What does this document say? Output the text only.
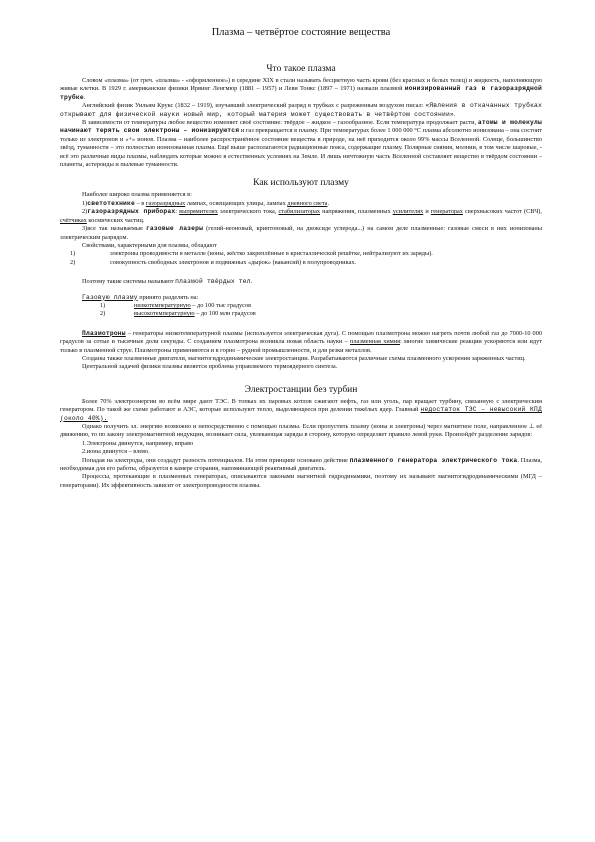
Плазма – четвёртое состояние вещества
Что такое плазма

Словом «плазма» (от греч. «плазма» - «оформленное») в середине XIX в стали называть бесцветную часть крови (без красных и белых телец) и жидкость, наполняющую живые клетки. В 1929 г. американские физики Ирвинг Ленгмюр (1881 – 1957) и Леви Тонкс (1897 – 1971) назвали плазмой ионизированный газ в газоразрядной трубке.

Английский физик Уильям Крукс (1832 – 1919), изучавший электрический разряд в трубках с разреженным воздухом писал: «Явления в откачанных трубках открывают для физической науки новый мир, который материя может существовать в четвёртом состоянии».

В зависимости от температуры любое вещество изменяет своё состояние: твёрдое – жидкое – газообразное. Если температура продолжает расти, атомы и молекулы начинают терять свои электроны – ионизируются и газ превращается в плазму. При температурах более 1 000 000 °С плазма абсолютно ионизована – она состоит только из электронов и «+» ионов. Плазма – наиболее распространённое состояние вещества в природе, на неё приходится около 99% массы Вселенной. Солнце, большинство звёзд, туманности – это полностью ионизованная плазма. Ещё выше располагаются радиационные пояса, содержащие плазму. Полярные сияния, молнии, в том числе шаровые, - всё это различные виды плазмы, наблюдать которые можно в естественных условиях на Земле. И лишь ничтожную часть Вселенной составляет вещество в твёрдом состоянии – планеты, астероиды и пылевые туманности.

Как используют плазму

Наиболее широко плазма применяется в:

1)светотехнике – в газоразрядных лампах, освещающих улицы, лампах дневного света.

2)газоразрядных приборах: выпрямителях электрического тока, стабилизаторах напряжения, плазменных усилителях и генераторах сверхвысоких частот (СВЧ), счётчиках космических частиц.

3)все так называемые газовые лазеры (гелий-неоновый, криптоновый, на диоксиде углерода...) на самом деле плазменные: газовые смеси в них ионизованы электрическим разрядом.

Свойствами, характерными для плазмы, обладают

1)	электроны проводимости в металле (ионы, жёстко закреплённые в кристаллической решётке, нейтрализуют их заряды).
2)	совокупность свободных электронов и подвижных «дырок» (вакансий) в полупроводниках.

Поэтому такие системы называют плазмой твёрдых тел.

Газовую плазму принято разделять на:

1)	низкотемпературную – до 100 тыс градусов
2)	высокотемпературную – до 100 млн градусов

Плазмотроны – генераторы низкотемпературной плазмы (используется электрическая дуга). С помощью плазмотрона можно нагреть почти любой газ до 7000-10 000 градусов за сотые и тысячные доли секунды. С созданием плазмотрона возникла новая область науки – плазменная химия: многие химические реакции ускоряются или идут только в плазменной струе. Плазмотроны применяются и в горно – рудной промышленности, и для резки металлов.

Созданы также плазменные двигатели, магнитогидродинамические электростанции. Разрабатываются различные схемы плазменного ускорения заряженных частиц.

Центральной задачей физики плазмы является проблема управляемого термоядерного синтеза.

Электростанции без турбин

Более 70% электроэнергии во всём мире дают ТЭС. В топках их паровых котлов сжигают нефть, газ или уголь, пар вращает турбину, связанную с электрическим генератором. По такой же схеме работают и АЭС, которые используют тепло, выделяющееся при делении тяжёлых ядер. Главный недостаток ТЭС – невысокий КПД (около 40%).

Однако получить эл. энергию возможно и непосредственно с помощью плазмы. Если пропустить плазму (ионы и электроны) через магнитное поле, направленное ⊥ её движению, то по закону электромагнитной индукции, возникает сила, увлекающая заряды в сторону, которую определяет правило левой руки. Произойдёт разделение зарядов:

1.Электроны двинутся, например, вправо

2.ионы двинутся – влево.

Попадая на электроды, они создадут разность потенциалов. На этом принципе основано действие плазменного генератора электрического тока. Плазма, необходимая для его работы, образуется в камере сгорания, напоминающей реактивный двигатель.

Процессы, протекающие в плазменных генераторах, описываются законами магнитной гидродинамики, поэтому их называют магнитогидродинамическими (МГД – генераторами). Их эффективность зависит от электропроводности плазмы.
